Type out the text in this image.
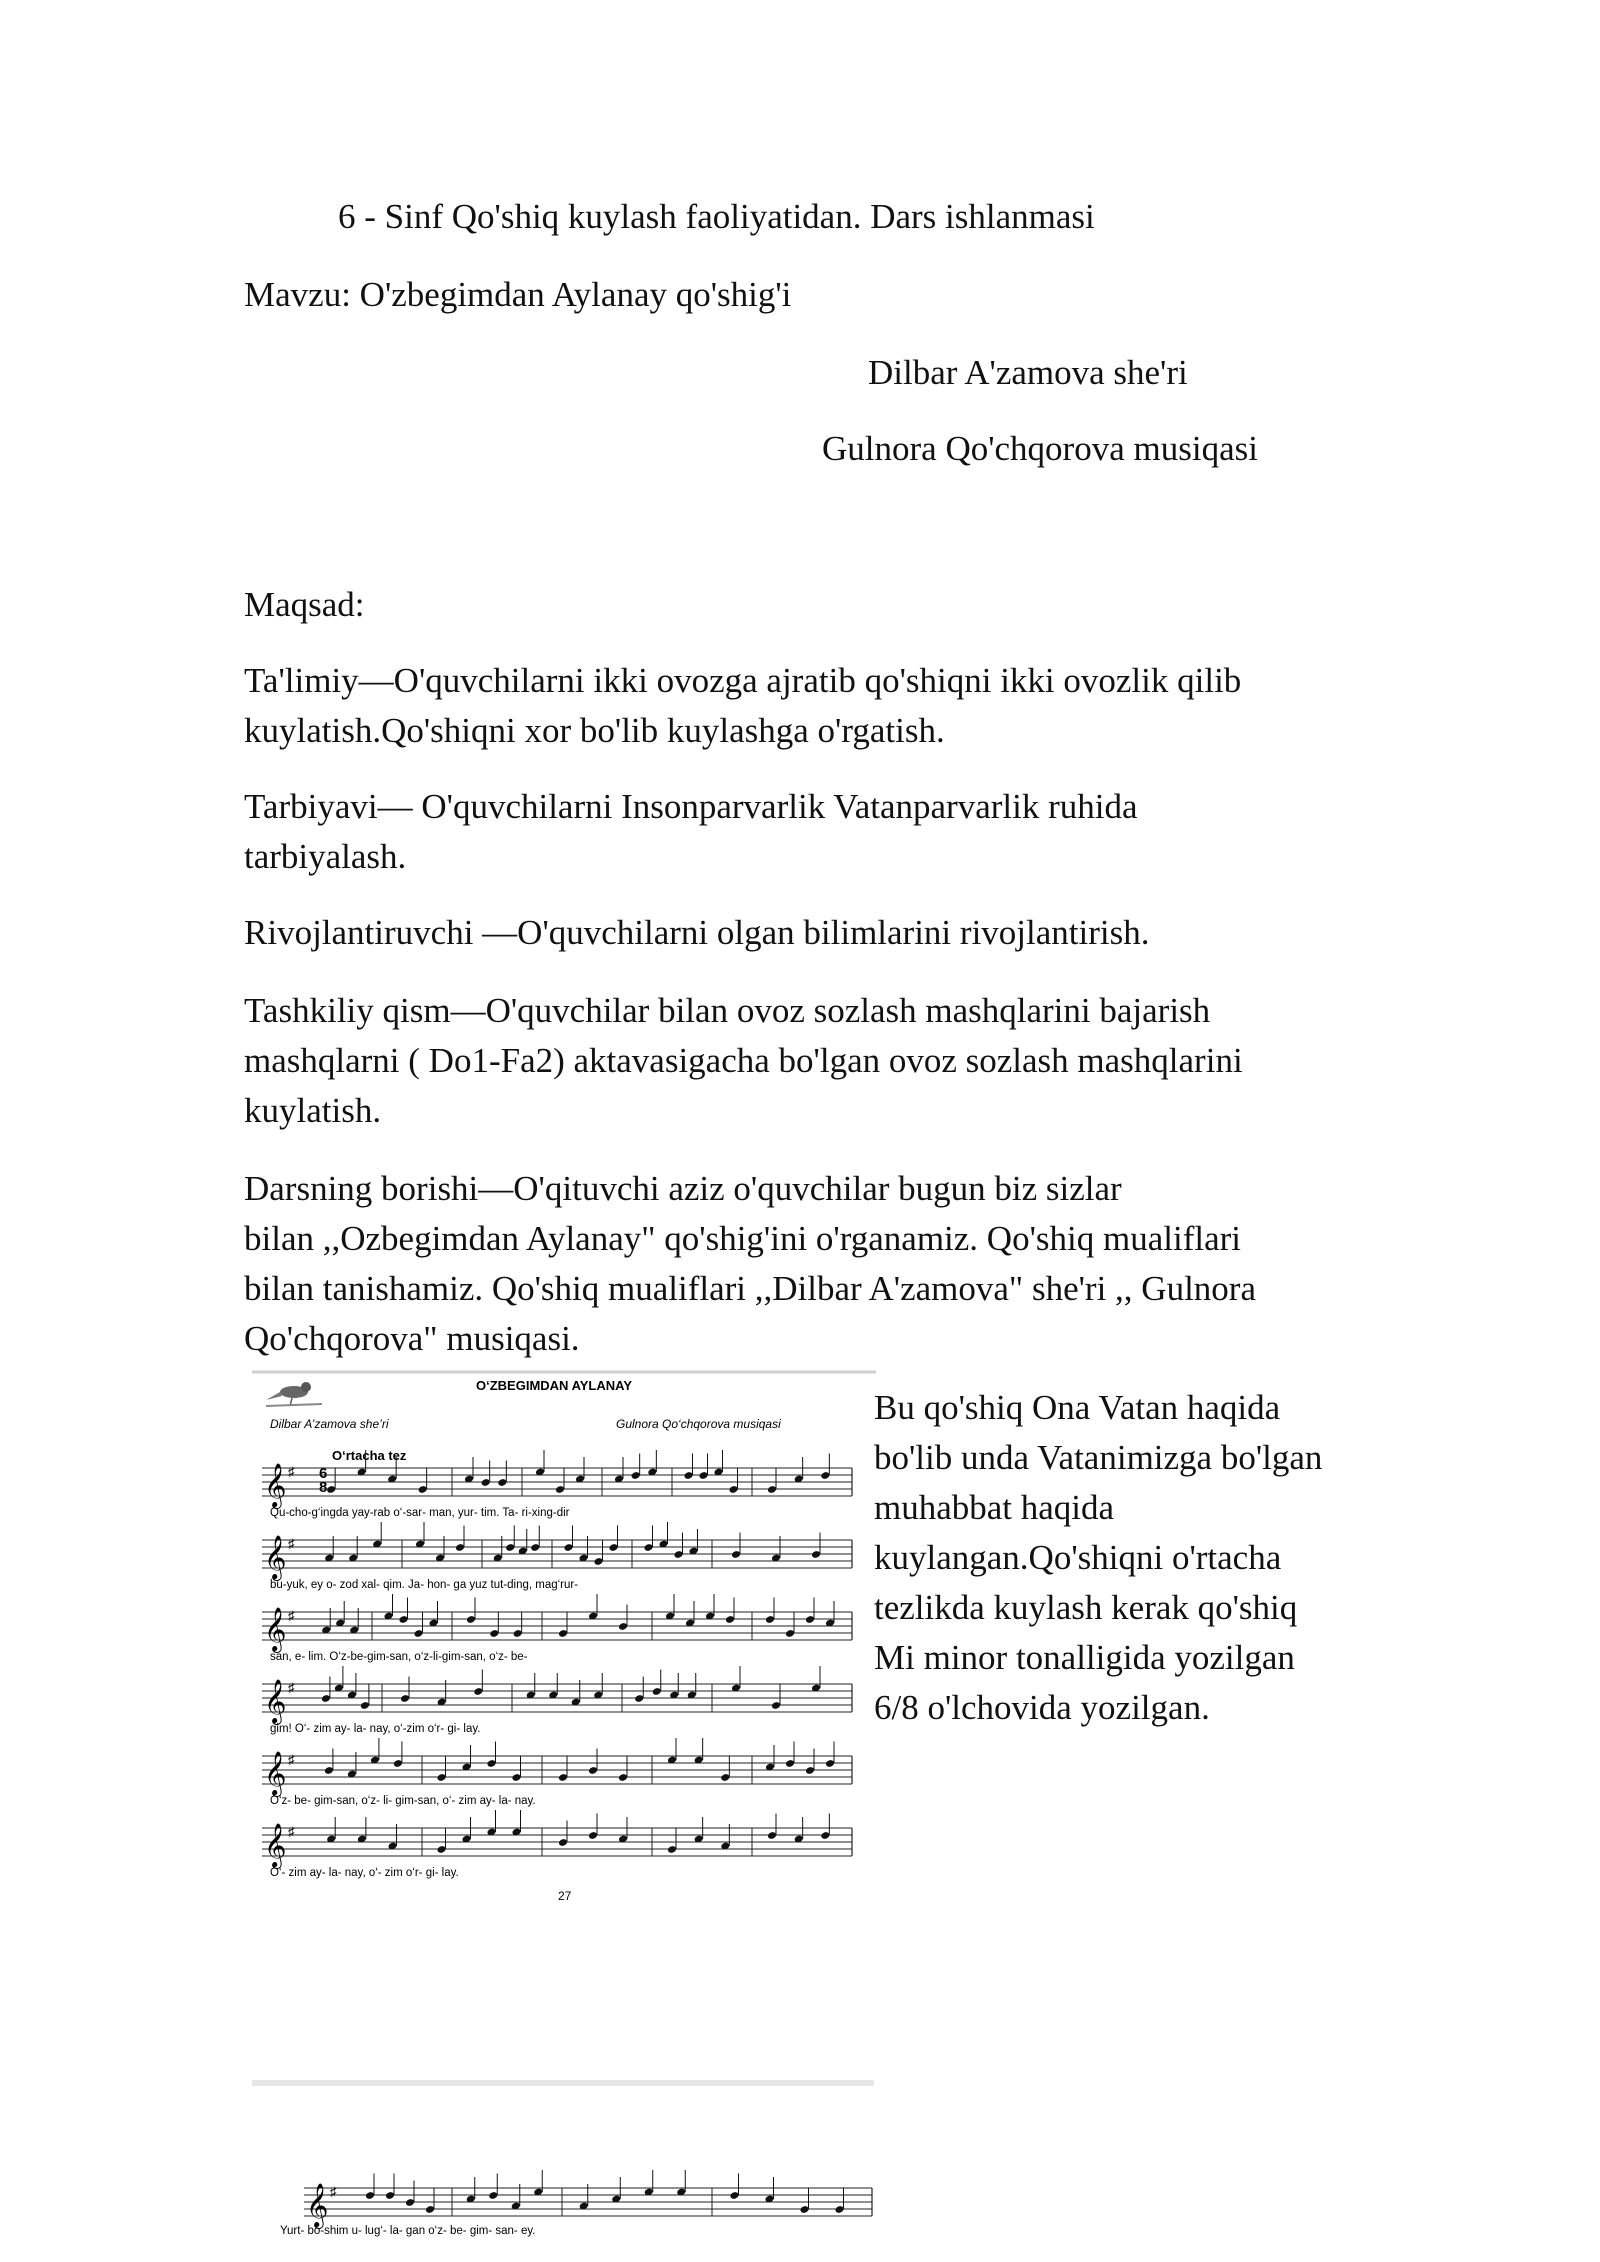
6 - Sinf Qo'shiq kuylash faoliyatidan. Dars ishlanmasi
Mavzu: O'zbegimdan Aylanay qo'shig'i
Dilbar A'zamova she'ri
Gulnora Qo'chqorova musiqasi
Maqsad:
Ta'limiy—O'quvchilarni ikki ovozga ajratib qo'shiqni ikki ovozlik qilib
kuylatish.Qo'shiqni xor bo'lib kuylashga o'rgatish.
Tarbiyavi— O'quvchilarni Insonparvarlik Vatanparvarlik ruhida
tarbiyalash.
Rivojlantiruvchi —O'quvchilarni olgan bilimlarini rivojlantirish.
Tashkiliy qism—O'quvchilar bilan ovoz sozlash mashqlarini bajarish
mashqlarni ( Do1-Fa2) aktavasigacha bo'lgan ovoz sozlash mashqlarini
kuylatish.
Darsning borishi—O'qituvchi aziz o'quvchilar bugun biz sizlar
bilan ,,Ozbegimdan Aylanay" qo'shig'ini o'rganamiz. Qo'shiq mualiflari
bilan tanishamiz. Qo'shiq mualiflari ,,Dilbar A'zamova" she'ri ,, Gulnora
Qo'chqorova" musiqasi.
Bu qo'shiq Ona Vatan haqida
bo'lib unda Vatanimizga bo'lgan
muhabbat haqida
kuylangan.Qo'shiqni o'rtacha
tezlikda kuylash kerak qo'shiq
Mi minor tonalligida yozilgan
6/8 o'lchovida yozilgan.
O‘ZBEGIMDAN AYLANAY
Dilbar A’zamova she’ri	Gulnora Qo‘chqorova musiqasi
O‘rtacha tez
6
8
𝄞 ♯
𝄞 ♯
𝄞 ♯
𝄞 ♯
𝄞 ♯
𝄞 ♯
Qu-cho-g‘ingda yay-rab o‘-sar- man, yur- tim. Ta- ri-xing-dir
bu-yuk, ey o- zod xal- qim. Ja- hon- ga yuz tut-ding, mag‘rur-
san, e- lim. O‘z-be-gim-san, o‘z-li-gim-san, o‘z- be-
gim! O‘- zim ay- la- nay, o‘-zim o‘r- gi- lay.
O‘z- be- gim-san, o‘z- li- gim-san, o‘- zim ay- la- nay.
O‘- zim ay- la- nay, o‘- zim o‘r- gi- lay.
27
𝄞 ♯
Yurt- bo-shim u- lug‘- la- gan o‘z- be- gim- san- ey.
